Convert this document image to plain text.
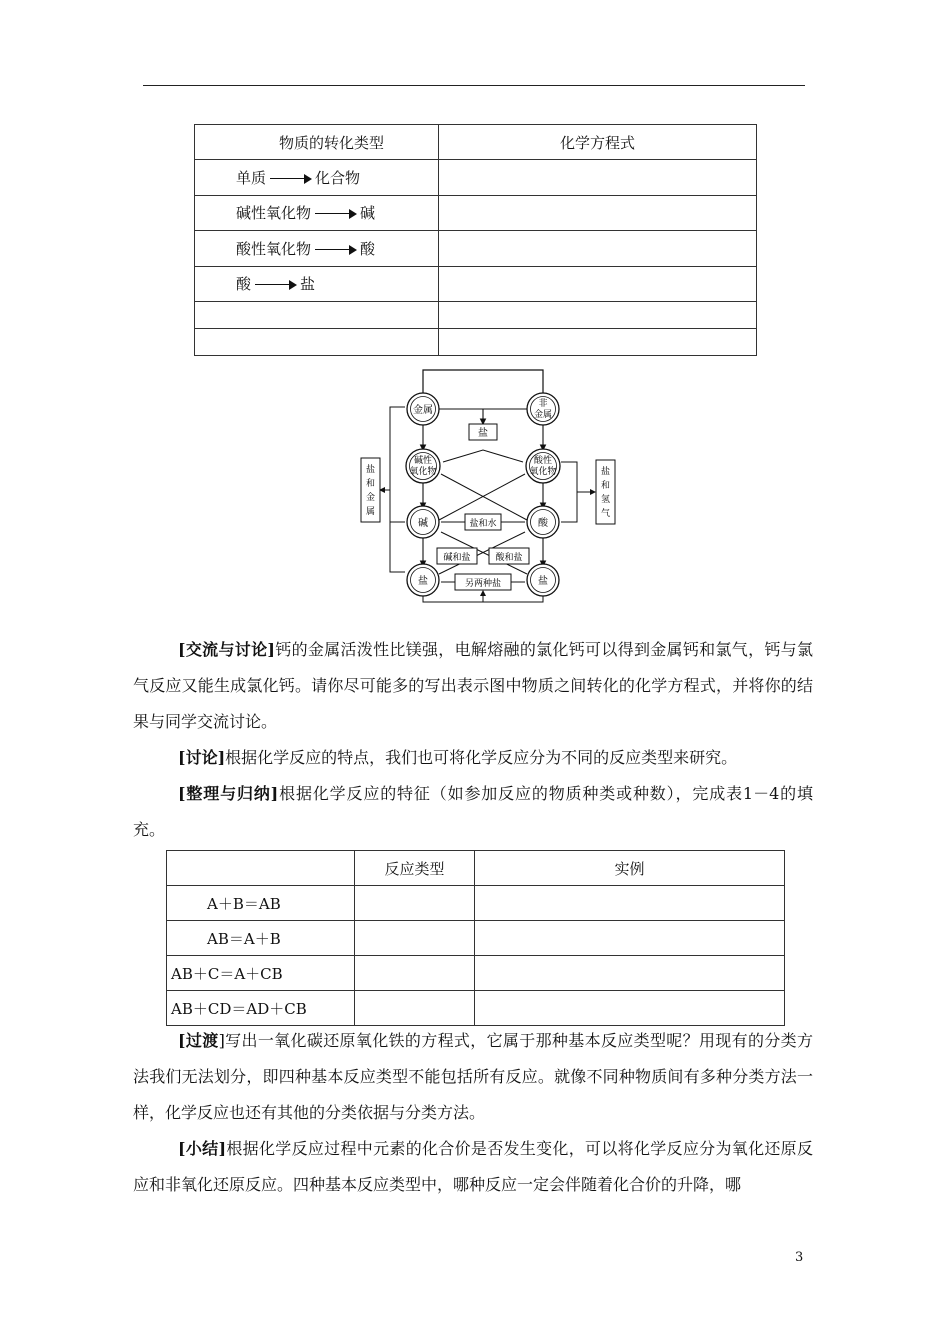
物质的转化类型	化学方程式
单质 化合物	
碱性氧化物 碱	
酸性氧化物 酸	
酸 盐	

金属
非
金属
碱性
氧化物
酸性
氧化物
碱	酸
盐	盐
盐
盐和水
碱和盐	酸和盐
另两种盐
盐
和
金
属
盐
和
氢
气

[交流与讨论]钙的金属活泼性比镁强，电解熔融的氯化钙可以得到金属钙和氯气，钙与氯气反应又能生成氯化钙。请你尽可能多的写出表示图中物质之间转化的化学方程式，并将你的结果与同学交流讨论。

[讨论]根据化学反应的特点，我们也可将化学反应分为不同的反应类型来研究。

[整理与归纳]根据化学反应的特征（如参加反应的物质种类或种数），完成表1－4的填充。

	反应类型	实例
A＋B＝AB		
AB＝A＋B		
AB＋C＝A＋CB		
AB＋CD＝AD＋CB		

[过渡]写出一氧化碳还原氧化铁的方程式，它属于那种基本反应类型呢？用现有的分类方法我们无法划分，即四种基本反应类型不能包括所有反应。就像不同种物质间有多种分类方法一样，化学反应也还有其他的分类依据与分类方法。

[小结]根据化学反应过程中元素的化合价是否发生变化，可以将化学反应分为氧化还原反应和非氧化还原反应。四种基本反应类型中，哪种反应一定会伴随着化合价的升降，哪

3
